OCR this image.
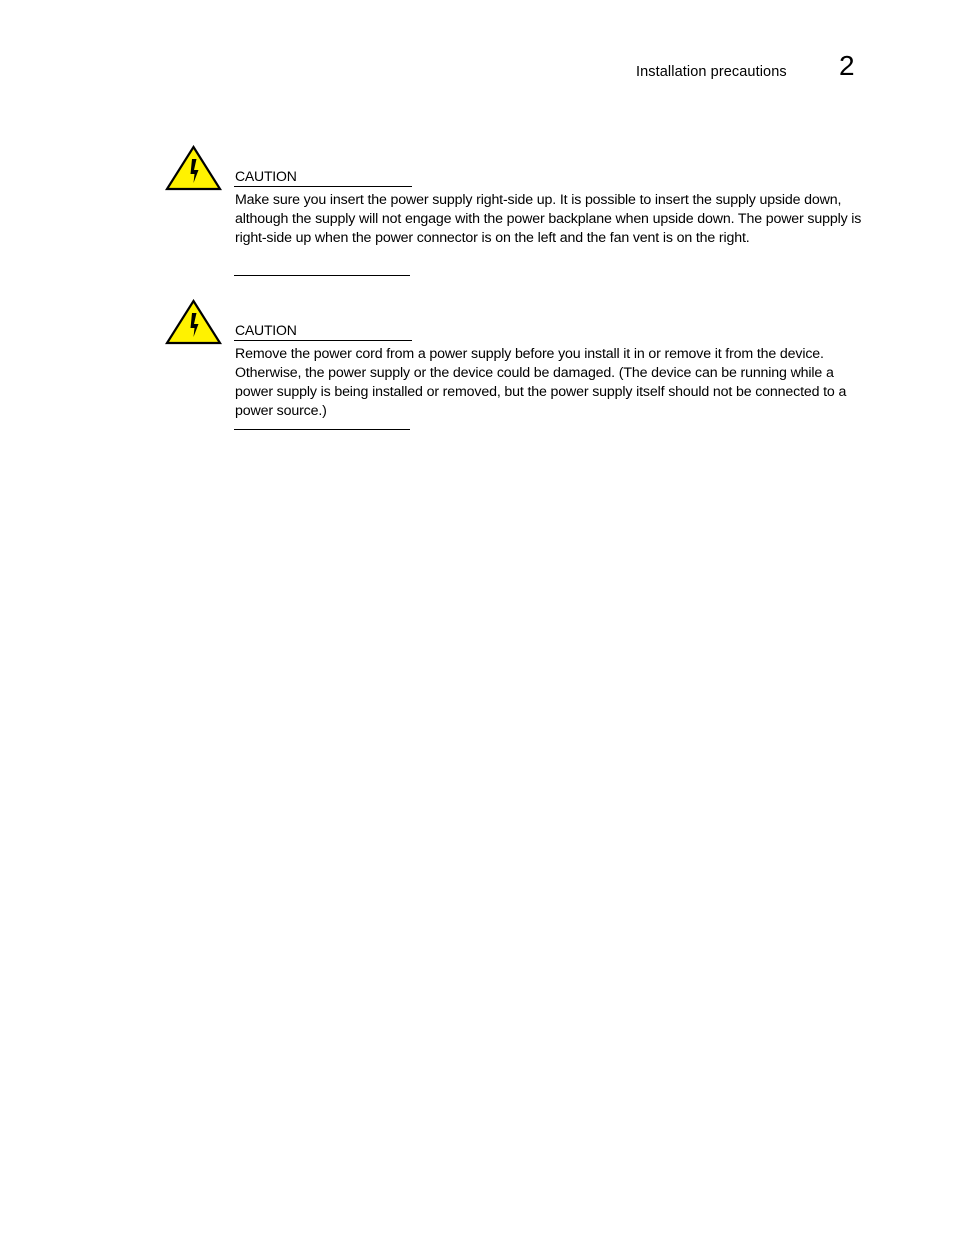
Installation precautions 2
CAUTION
Make sure you insert the power supply right-side up. It is possible to insert the supply upside down, although the supply will not engage with the power backplane when upside down. The power supply is right-side up when the power connector is on the left and the fan vent is on the right.
CAUTION
Remove the power cord from a power supply before you install it in or remove it from the device. Otherwise, the power supply or the device could be damaged. (The device can be running while a power supply is being installed or removed, but the power supply itself should not be connected to a power source.)
